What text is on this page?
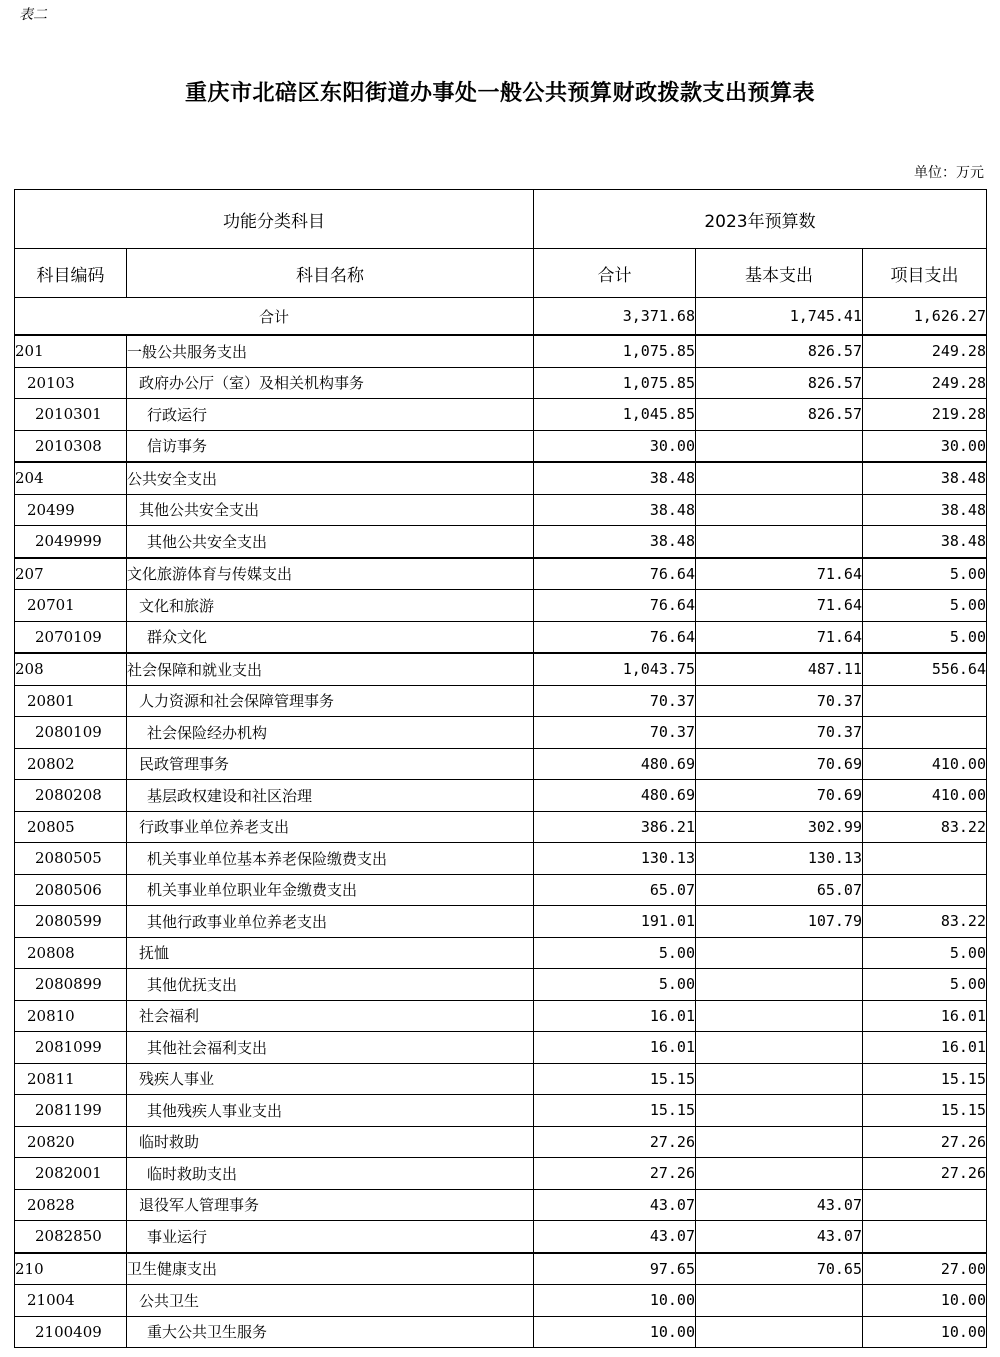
表二
重庆市北碚区东阳街道办事处一般公共预算财政拨款支出预算表
单位：万元
功能分类科目		2023年预算数		
科目编码	科目名称	合计	基本支出	项目支出
合计		3,371.68	1,745.41	1,626.27
201	一般公共服务支出	1,075.85	826.57	249.28
20103	政府办公厅（室）及相关机构事务	1,075.85	826.57	249.28
2010301	行政运行	1,045.85	826.57	219.28
2010308	信访事务	30.00		30.00
204	公共安全支出	38.48		38.48
20499	其他公共安全支出	38.48		38.48
2049999	其他公共安全支出	38.48		38.48
207	文化旅游体育与传媒支出	76.64	71.64	5.00
20701	文化和旅游	76.64	71.64	5.00
2070109	群众文化	76.64	71.64	5.00
208	社会保障和就业支出	1,043.75	487.11	556.64
20801	人力资源和社会保障管理事务	70.37	70.37	
2080109	社会保险经办机构	70.37	70.37	
20802	民政管理事务	480.69	70.69	410.00
2080208	基层政权建设和社区治理	480.69	70.69	410.00
20805	行政事业单位养老支出	386.21	302.99	83.22
2080505	机关事业单位基本养老保险缴费支出	130.13	130.13	
2080506	机关事业单位职业年金缴费支出	65.07	65.07	
2080599	其他行政事业单位养老支出	191.01	107.79	83.22
20808	抚恤	5.00		5.00
2080899	其他优抚支出	5.00		5.00
20810	社会福利	16.01		16.01
2081099	其他社会福利支出	16.01		16.01
20811	残疾人事业	15.15		15.15
2081199	其他残疾人事业支出	15.15		15.15
20820	临时救助	27.26		27.26
2082001	临时救助支出	27.26		27.26
20828	退役军人管理事务	43.07	43.07	
2082850	事业运行	43.07	43.07	
210	卫生健康支出	97.65	70.65	27.00
21004	公共卫生	10.00		10.00
2100409	重大公共卫生服务	10.00		10.00
